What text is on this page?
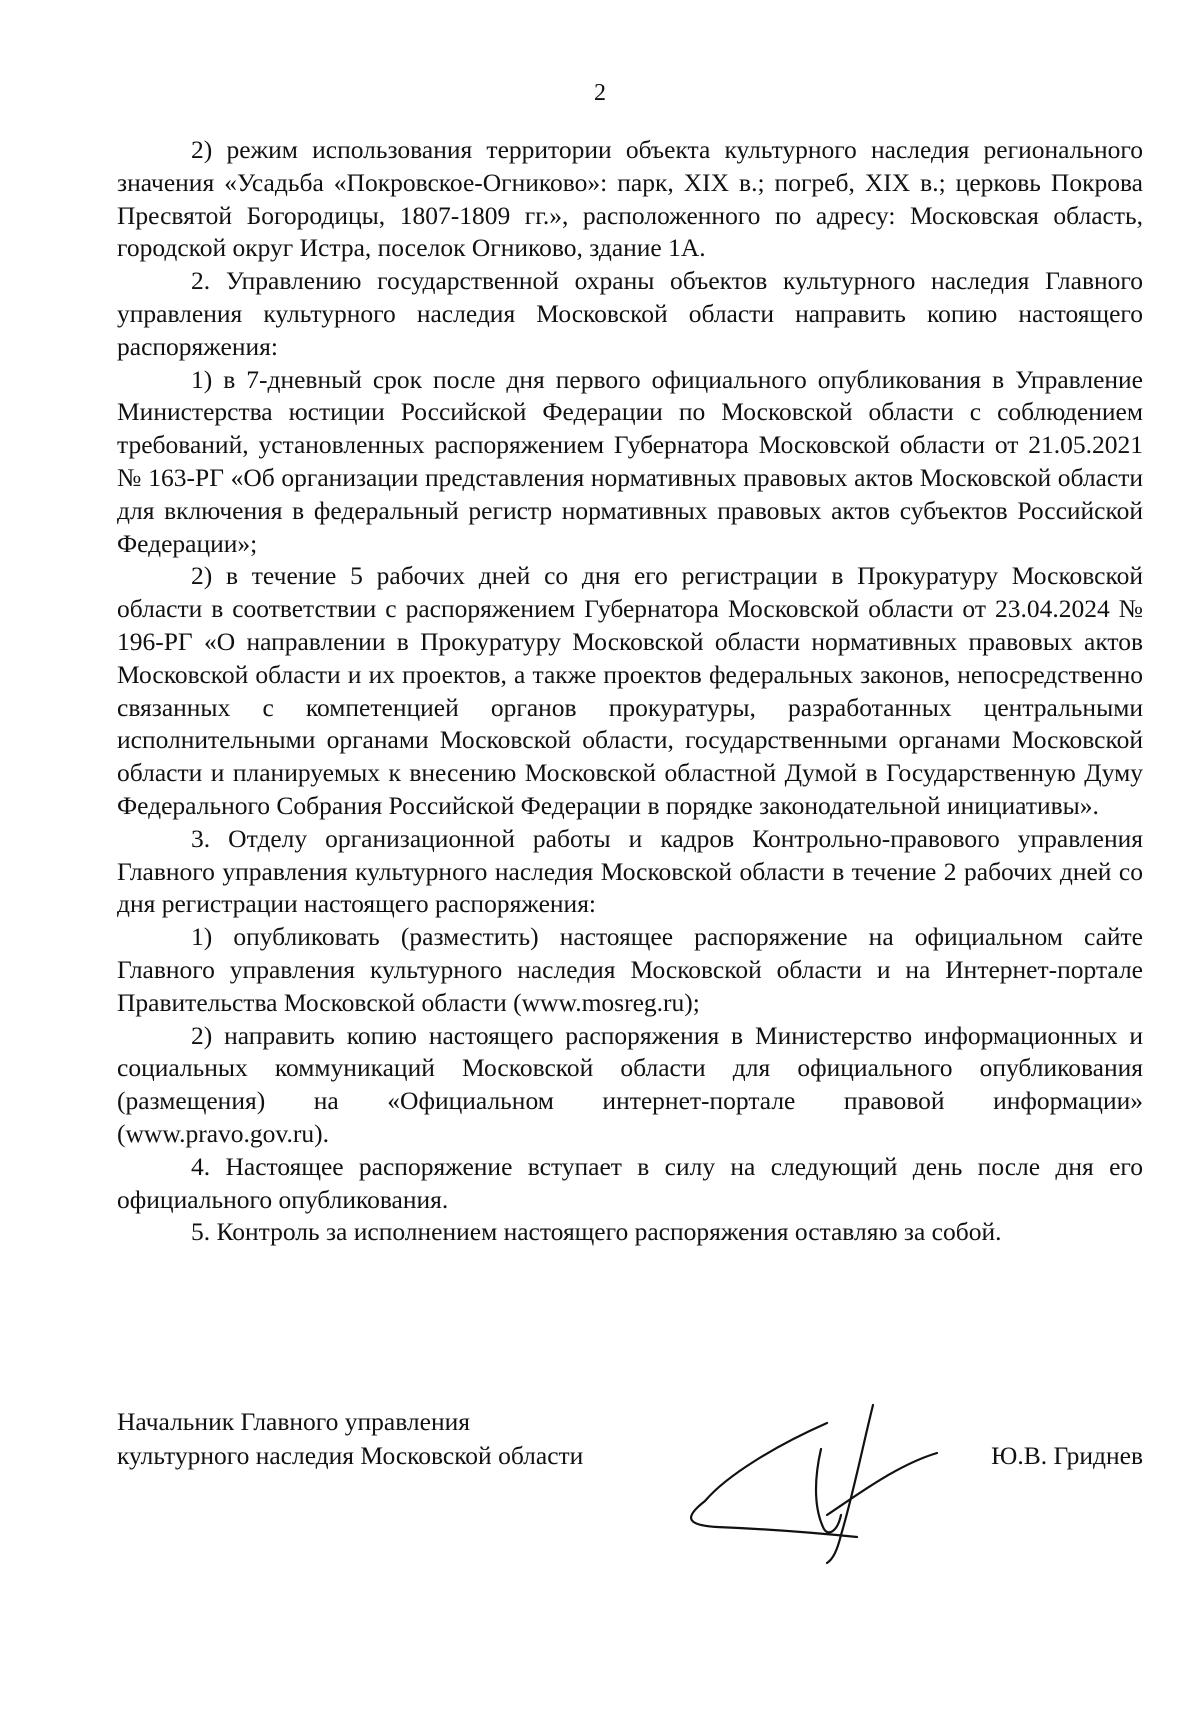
2

2) режим использования территории объекта культурного наследия регионального значения «Усадьба «Покровское-Огниково»: парк, XIX в.; погреб, XIX в.; церковь Покрова Пресвятой Богородицы, 1807-1809 гг.», расположенного по адресу: Московская область, городской округ Истра, поселок Огниково, здание 1А.

2. Управлению государственной охраны объектов культурного наследия Главного управления культурного наследия Московской области направить копию настоящего распоряжения:

1) в 7-дневный срок после дня первого официального опубликования в Управление Министерства юстиции Российской Федерации по Московской области с соблюдением требований, установленных распоряжением Губернатора Московской области от 21.05.2021 № 163-РГ «Об организации представления нормативных правовых актов Московской области для включения в федеральный регистр нормативных правовых актов субъектов Российской Федерации»;

2) в течение 5 рабочих дней со дня его регистрации в Прокуратуру Московской области в соответствии с распоряжением Губернатора Московской области от 23.04.2024 № 196-РГ «О направлении в Прокуратуру Московской области нормативных правовых актов Московской области и их проектов, а также проектов федеральных законов, непосредственно связанных с компетенцией органов прокуратуры, разработанных центральными исполнительными органами Московской области, государственными органами Московской области и планируемых к внесению Московской областной Думой в Государственную Думу Федерального Собрания Российской Федерации в порядке законодательной инициативы».

3. Отделу организационной работы и кадров Контрольно-правового управления Главного управления культурного наследия Московской области в течение 2 рабочих дней со дня регистрации настоящего распоряжения:

1) опубликовать (разместить) настоящее распоряжение на официальном сайте Главного управления культурного наследия Московской области и на Интернет-портале Правительства Московской области (www.mosreg.ru);

2) направить копию настоящего распоряжения в Министерство информационных и социальных коммуникаций Московской области для официального опубликования (размещения) на «Официальном интернет-портале правовой информации» (www.pravo.gov.ru).

4. Настоящее распоряжение вступает в силу на следующий день после дня его официального опубликования.

5. Контроль за исполнением настоящего распоряжения оставляю за собой.

Начальник Главного управления
культурного наследия Московской области	Ю.В. Гриднев
